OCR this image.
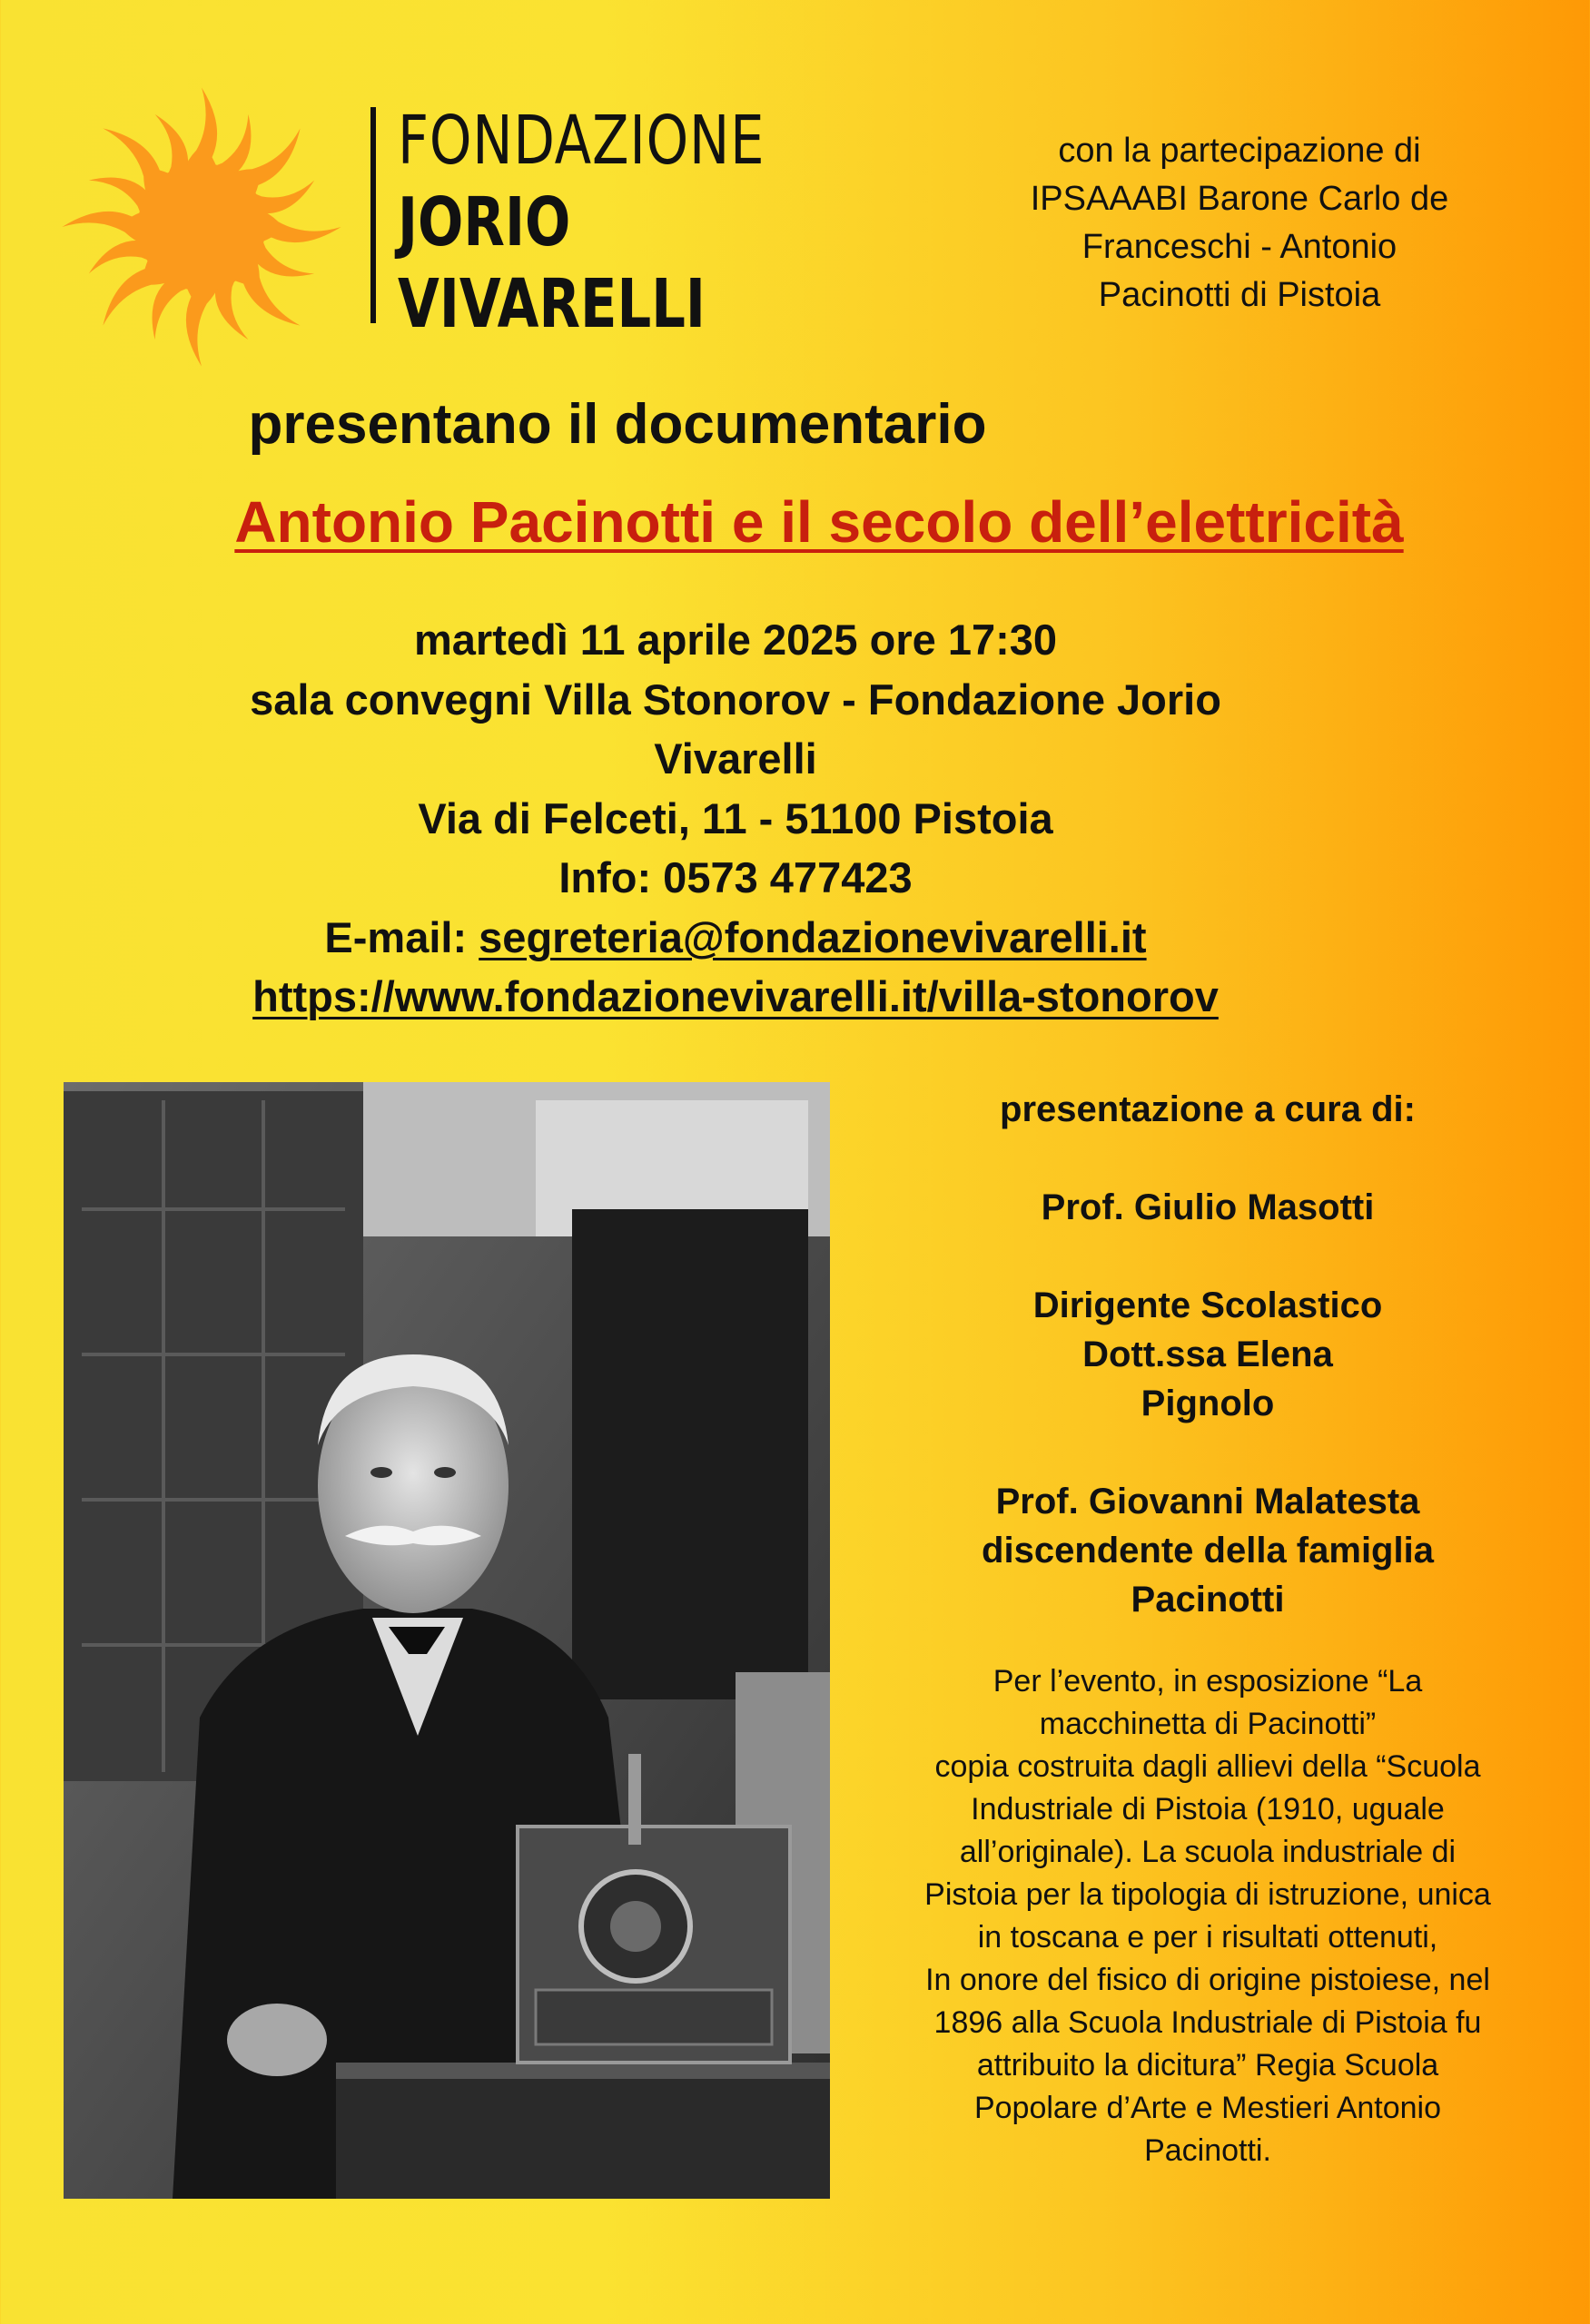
FONDAZIONE
JORIO
VIVARELLI
con la partecipazione di
IPSAAABI Barone Carlo de
Franceschi - Antonio
Pacinotti di Pistoia
presentano il documentario
Antonio Pacinotti e il secolo dell’elettricità
martedì 11 aprile 2025 ore 17:30
sala convegni Villa Stonorov - Fondazione Jorio
Vivarelli
Via di Felceti, 11 - 51100 Pistoia
Info: 0573 477423
E-mail: segreteria@fondazionevivarelli.it
https://www.fondazionevivarelli.it/villa-stonorov
presentazione a cura di:
Prof. Giulio Masotti
Dirigente Scolastico
Dott.ssa Elena
Pignolo
Prof. Giovanni Malatesta
discendente della famiglia
Pacinotti
Per l’evento, in esposizione “La
macchinetta di Pacinotti”
copia costruita dagli allievi della “Scuola
Industriale di Pistoia (1910, uguale
all’originale). La scuola industriale di
Pistoia per la tipologia di istruzione, unica
in toscana e per i risultati ottenuti,
In onore del fisico di origine pistoiese, nel
1896 alla Scuola Industriale di Pistoia fu
attribuito la dicitura” Regia Scuola
Popolare d’Arte e Mestieri Antonio
Pacinotti.
